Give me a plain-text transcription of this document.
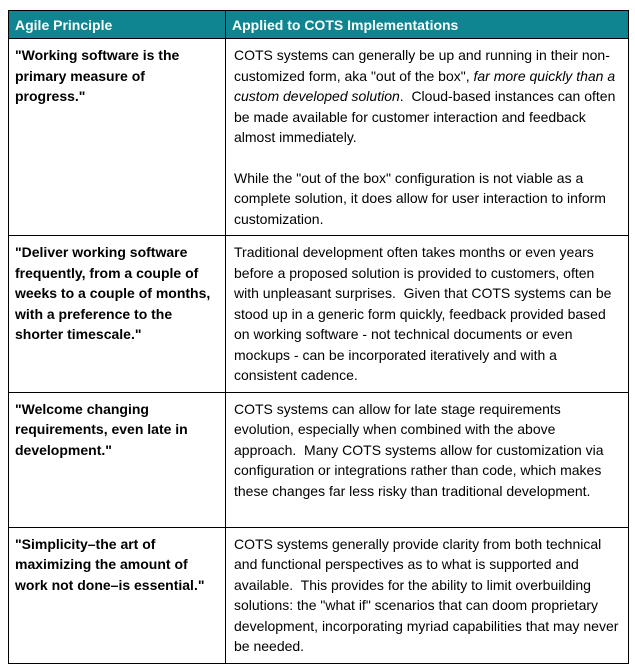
Agile Principle	Applied to COTS Implementations
"Working software is the primary measure of progress."	COTS systems can generally be up and running in their non-customized form, aka "out of the box", far more quickly than a custom developed solution.  Cloud-based instances can often be made available for customer interaction and feedback almost immediately.

While the "out of the box" configuration is not viable as a complete solution, it does allow for user interaction to inform customization.

"Deliver working software frequently, from a couple of weeks to a couple of months, with a preference to the shorter timescale."	Traditional development often takes months or even years before a proposed solution is provided to customers, often with unpleasant surprises.  Given that COTS systems can be stood up in a generic form quickly, feedback provided based on working software - not technical documents or even mockups - can be incorporated iteratively and with a consistent cadence.

"Welcome changing requirements, even late in development."	COTS systems can allow for late stage requirements evolution, especially when combined with the above approach.  Many COTS systems allow for customization via configuration or integrations rather than code, which makes these changes far less risky than traditional development.

"Simplicity–the art of maximizing the amount of work not done–is essential."	COTS systems generally provide clarity from both technical and functional perspectives as to what is supported and available.  This provides for the ability to limit overbuilding solutions: the "what if" scenarios that can doom proprietary development, incorporating myriad capabilities that may never be needed.
